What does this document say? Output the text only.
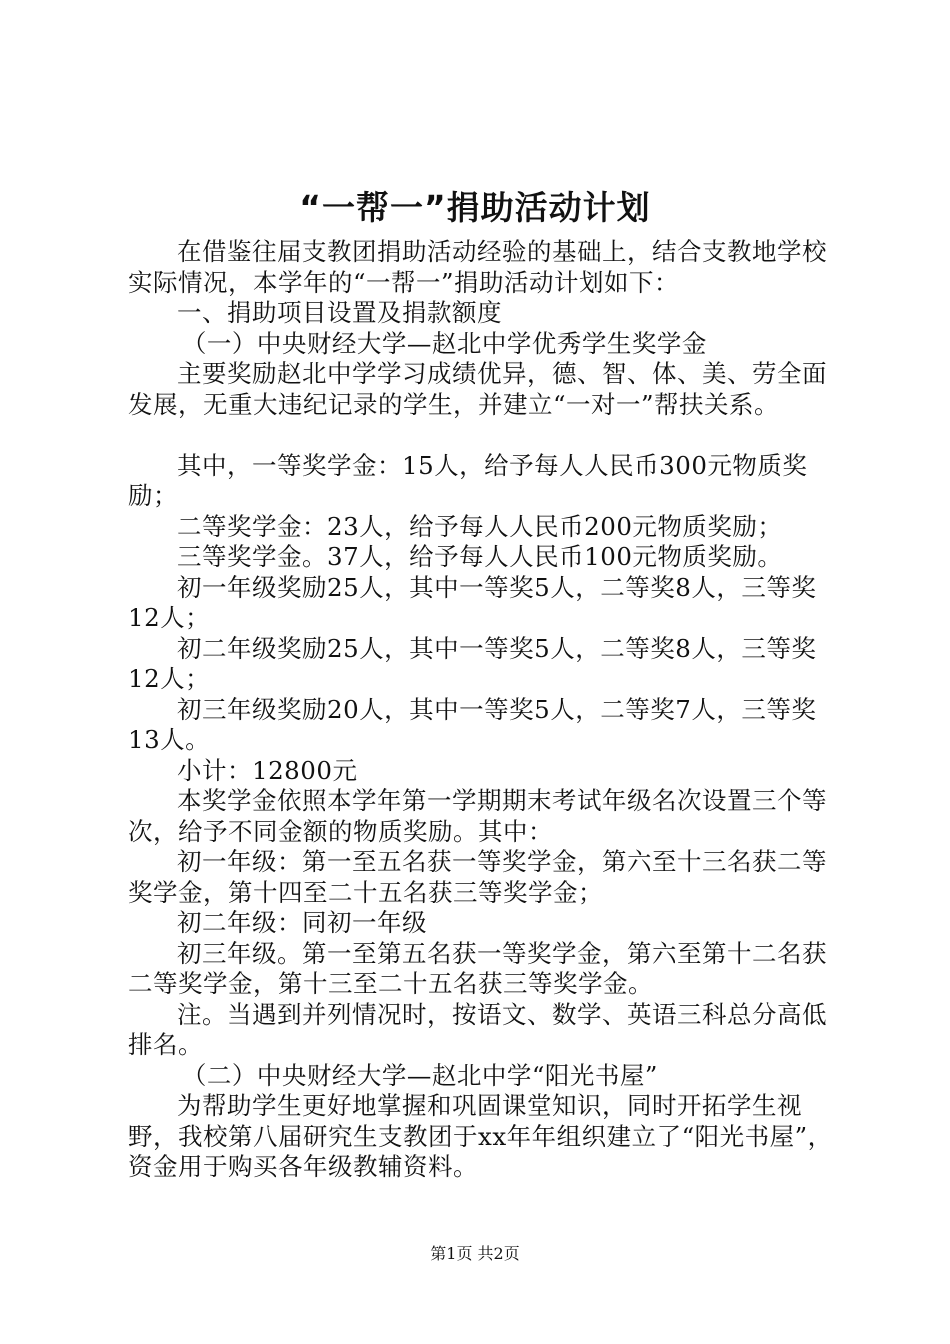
“一帮一”捐助活动计划

在借鉴往届支教团捐助活动经验的基础上，结合支教地学校实际情况，本学年的“一帮一”捐助活动计划如下：

一、捐助项目设置及捐款额度

（一）中央财经大学—赵北中学优秀学生奖学金

主要奖励赵北中学学习成绩优异，德、智、体、美、劳全面发展，无重大违纪记录的学生，并建立“一对一”帮扶关系。

其中，一等奖学金：15人，给予每人人民币300元物质奖励；

二等奖学金：23人，给予每人人民币200元物质奖励；

三等奖学金。37人，给予每人人民币100元物质奖励。

初一年级奖励25人，其中一等奖5人，二等奖8人，三等奖12人；

初二年级奖励25人，其中一等奖5人，二等奖8人，三等奖12人；

初三年级奖励20人，其中一等奖5人，二等奖7人，三等奖13人。

小计：12800元

本奖学金依照本学年第一学期期末考试年级名次设置三个等次，给予不同金额的物质奖励。其中：

初一年级：第一至五名获一等奖学金，第六至十三名获二等奖学金，第十四至二十五名获三等奖学金；

初二年级：同初一年级

初三年级。第一至第五名获一等奖学金，第六至第十二名获二等奖学金，第十三至二十五名获三等奖学金。

注。当遇到并列情况时，按语文、数学、英语三科总分高低排名。

（二）中央财经大学—赵北中学“阳光书屋”

为帮助学生更好地掌握和巩固课堂知识，同时开拓学生视野，我校第八届研究生支教团于xx年年组织建立了“阳光书屋”，资金用于购买各年级教辅资料。

第1页 共2页
